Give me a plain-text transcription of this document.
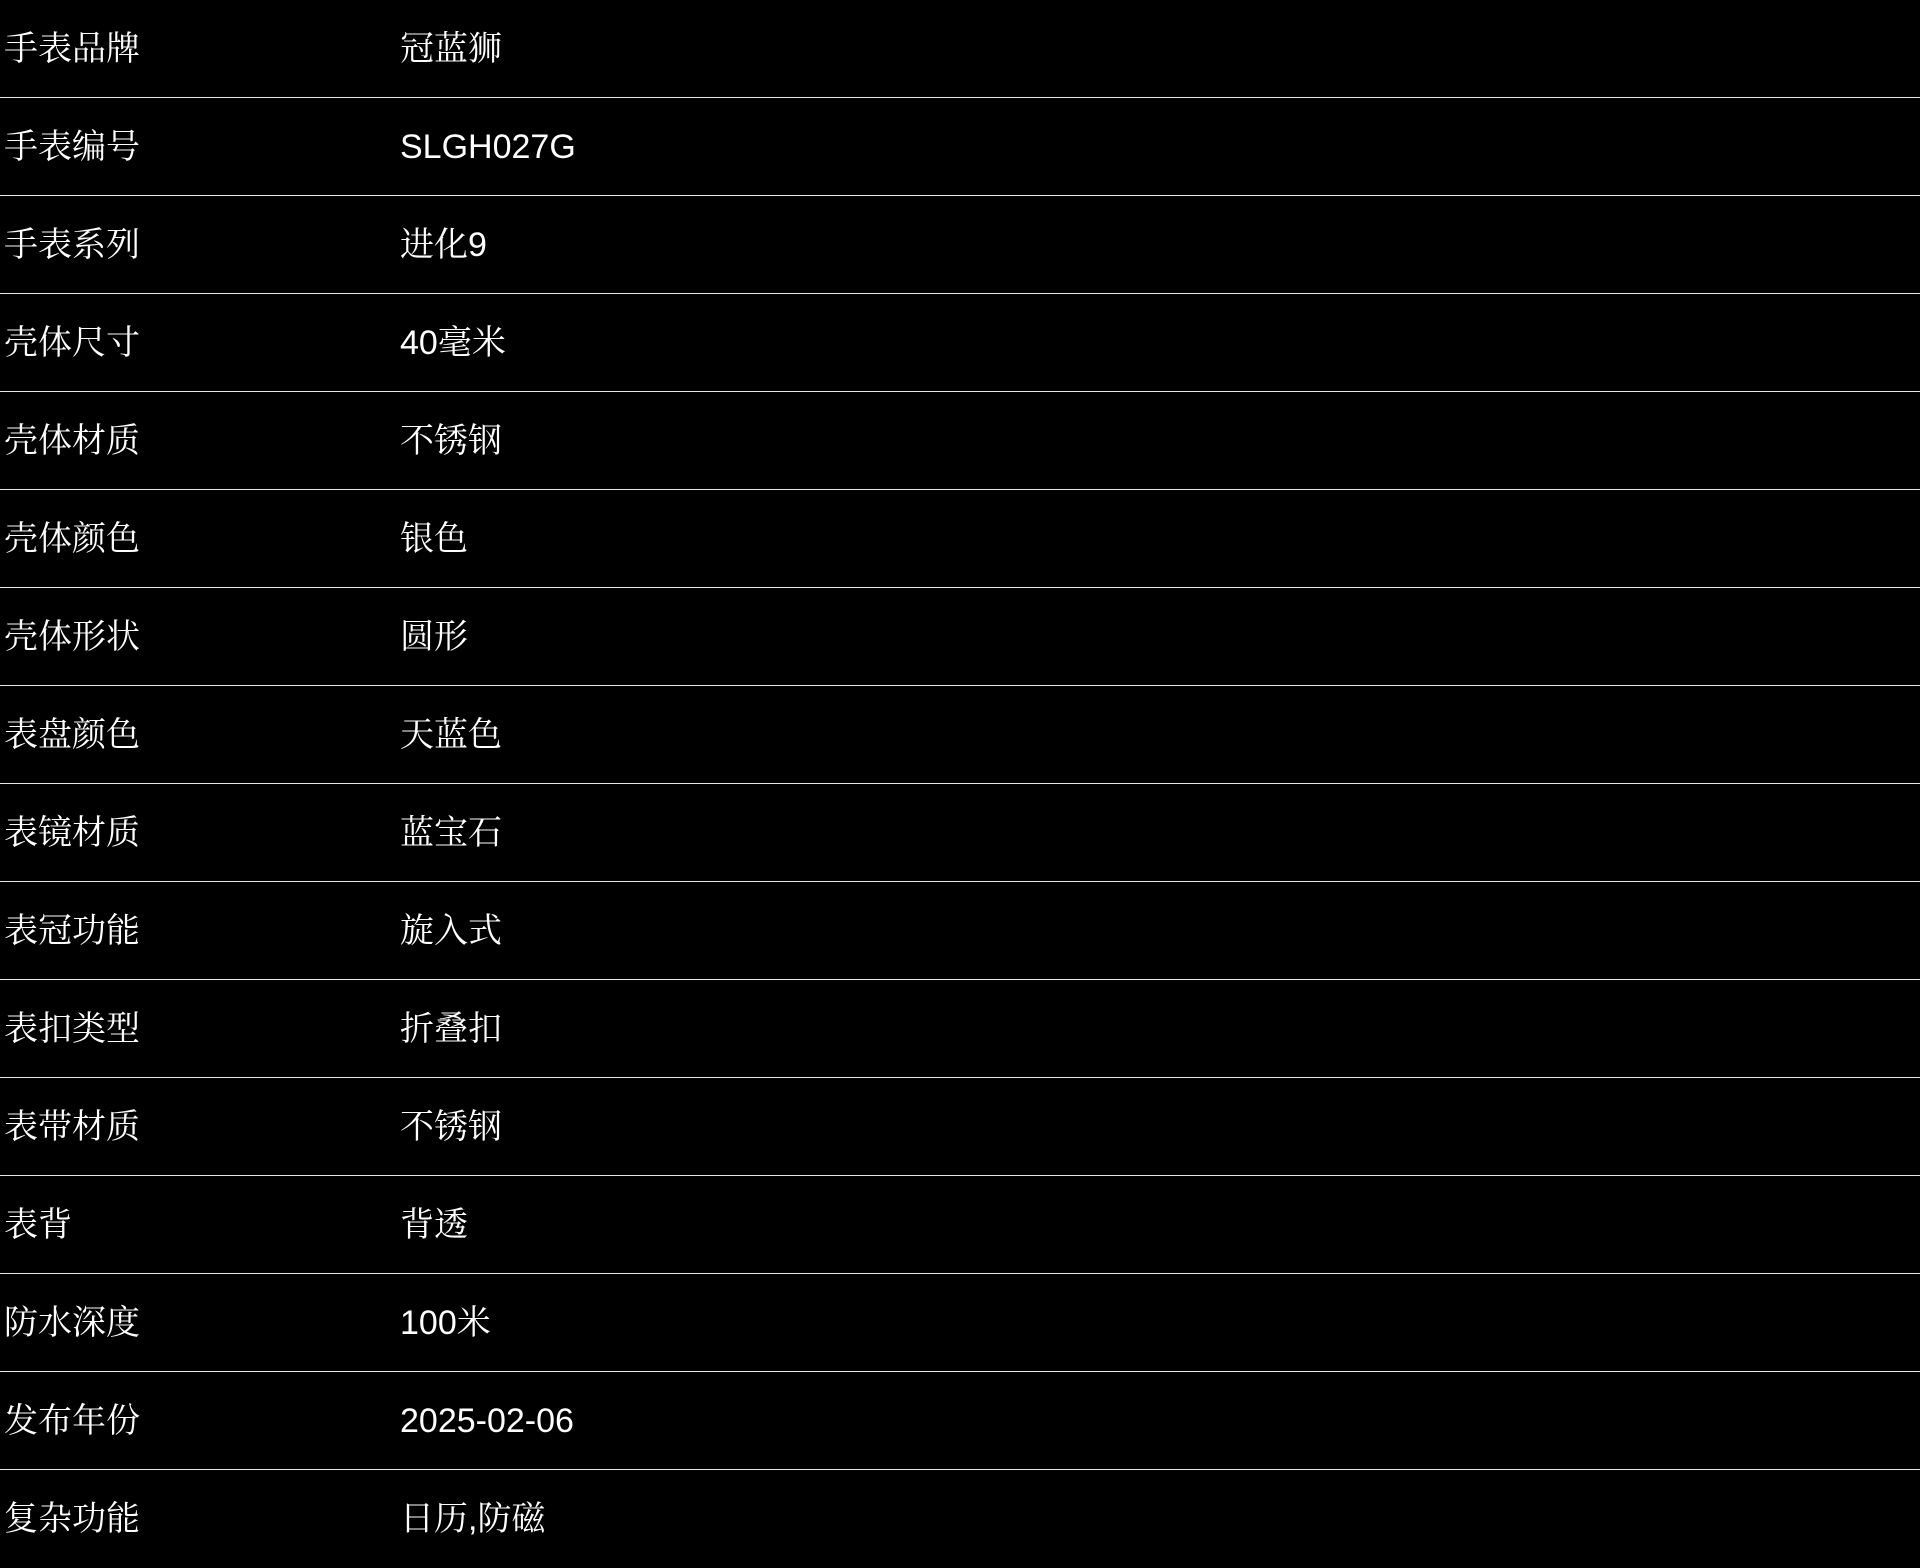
手表品牌	冠蓝狮
手表编号	SLGH027G
手表系列	进化9
壳体尺寸	40毫米
壳体材质	不锈钢
壳体颜色	银色
壳体形状	圆形
表盘颜色	天蓝色
表镜材质	蓝宝石
表冠功能	旋入式
表扣类型	折叠扣
表带材质	不锈钢
表背	背透
防水深度	100米
发布年份	2025-02-06
复杂功能	日历,防磁
